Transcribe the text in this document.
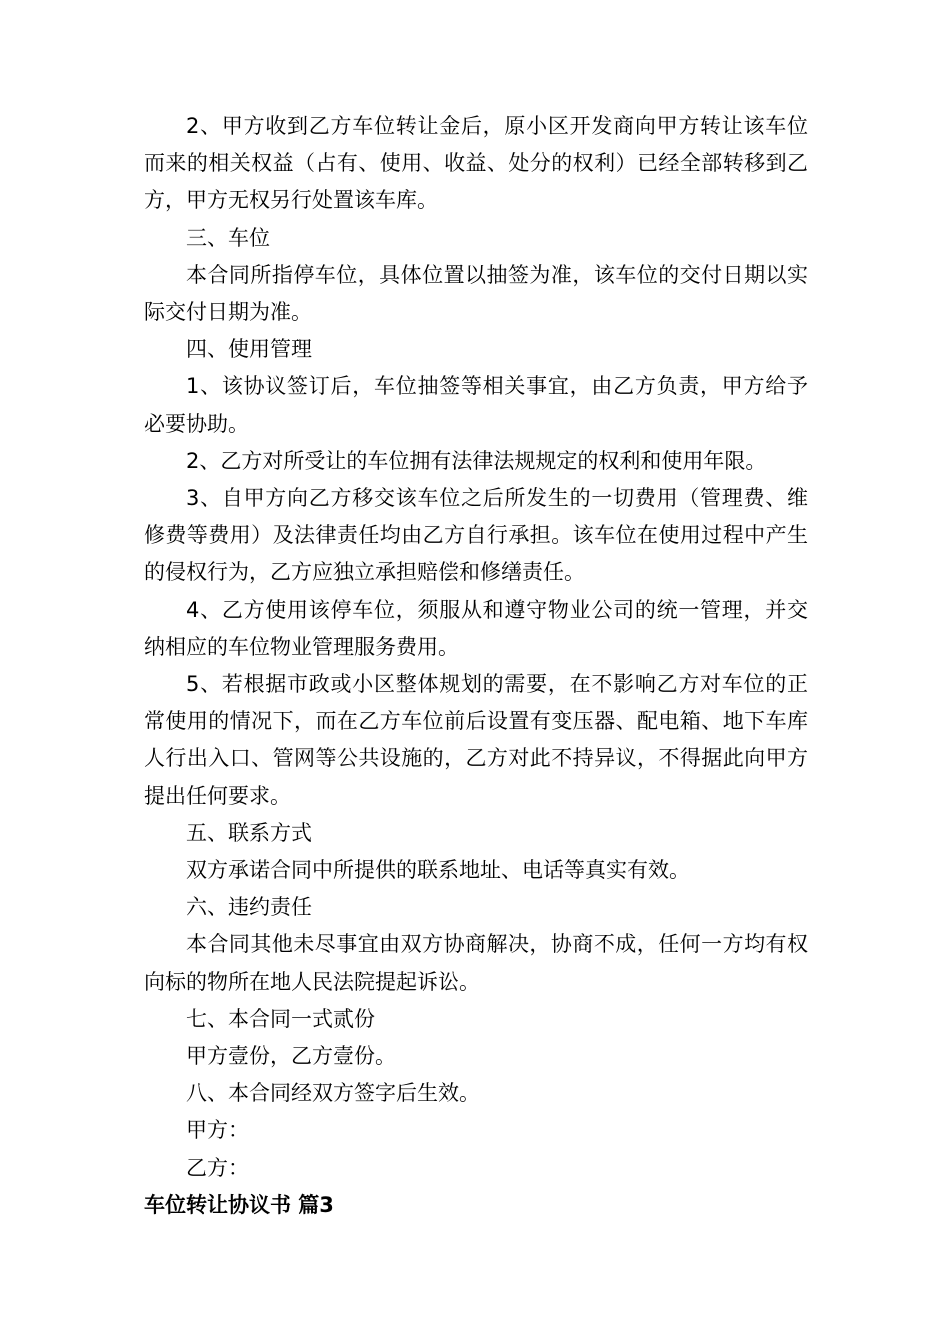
2、甲方收到乙方车位转让金后，原小区开发商向甲方转让该车位而来的相关权益（占有、使用、收益、处分的权利）已经全部转移到乙方，甲方无权另行处置该车库。

三、车位

本合同所指停车位，具体位置以抽签为准，该车位的交付日期以实际交付日期为准。

四、使用管理

1、该协议签订后，车位抽签等相关事宜，由乙方负责，甲方给予必要协助。

2、乙方对所受让的车位拥有法律法规规定的权利和使用年限。

3、自甲方向乙方移交该车位之后所发生的一切费用（管理费、维修费等费用）及法律责任均由乙方自行承担。该车位在使用过程中产生的侵权行为，乙方应独立承担赔偿和修缮责任。

4、乙方使用该停车位，须服从和遵守物业公司的统一管理，并交纳相应的车位物业管理服务费用。

5、若根据市政或小区整体规划的需要，在不影响乙方对车位的正常使用的情况下，而在乙方车位前后设置有变压器、配电箱、地下车库人行出入口、管网等公共设施的，乙方对此不持异议，不得据此向甲方提出任何要求。

五、联系方式

双方承诺合同中所提供的联系地址、电话等真实有效。

六、违约责任

本合同其他未尽事宜由双方协商解决，协商不成，任何一方均有权向标的物所在地人民法院提起诉讼。

七、本合同一式贰份

甲方壹份，乙方壹份。

八、本合同经双方签字后生效。

甲方：

乙方：

车位转让协议书 篇3
